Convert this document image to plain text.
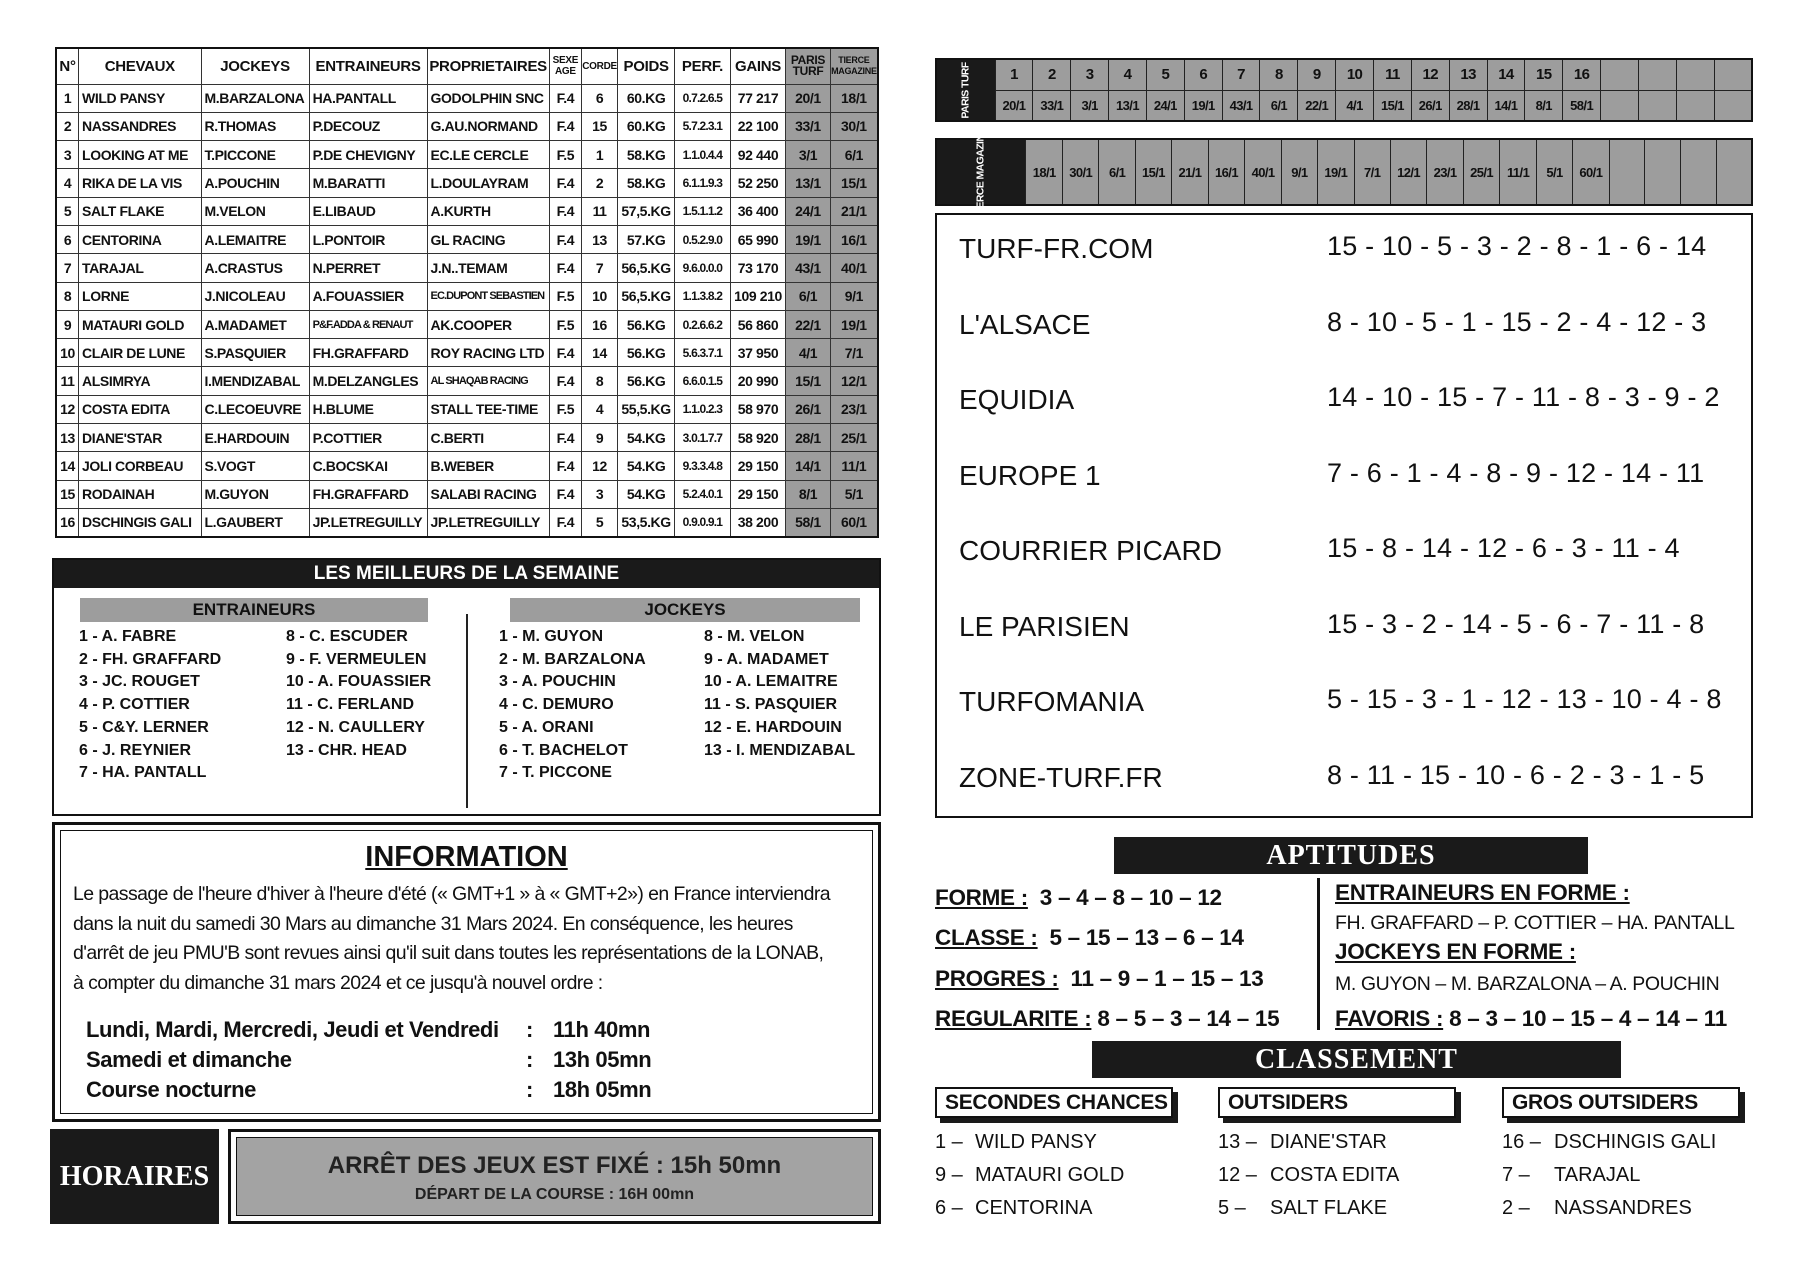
N°	CHEVAUX	JOCKEYS	ENTRAINEURS	PROPRIETAIRES	SEXE AGE	CORDE	POIDS	PERF.	GAINS	PARIS TURF	TIERCE MAGAZINE
1	WILD PANSY	M.BARZALONA	HA.PANTALL	GODOLPHIN SNC	F.4	6	60.KG	0.7.2.6.5	77 217	20/1	18/1
2	NASSANDRES	R.THOMAS	P.DECOUZ	G.AU.NORMAND	F.4	15	60.KG	5.7.2.3.1	22 100	33/1	30/1
3	LOOKING AT ME	T.PICCONE	P.DE CHEVIGNY	EC.LE CERCLE	F.5	1	58.KG	1.1.0.4.4	92 440	3/1	6/1
4	RIKA DE LA VIS	A.POUCHIN	M.BARATTI	L.DOULAYRAM	F.4	2	58.KG	6.1.1.9.3	52 250	13/1	15/1
5	SALT FLAKE	M.VELON	E.LIBAUD	A.KURTH	F.4	11	57,5.KG	1.5.1.1.2	36 400	24/1	21/1
6	CENTORINA	A.LEMAITRE	L.PONTOIR	GL RACING	F.4	13	57.KG	0.5.2.9.0	65 990	19/1	16/1
7	TARAJAL	A.CRASTUS	N.PERRET	J.N..TEMAM	F.4	7	56,5.KG	9.6.0.0.0	73 170	43/1	40/1
8	LORNE	J.NICOLEAU	A.FOUASSIER	EC.DUPONT SEBASTIEN	F.5	10	56,5.KG	1.1.3.8.2	109 210	6/1	9/1
9	MATAURI GOLD	A.MADAMET	P&F.ADDA & RENAUT	AK.COOPER	F.5	16	56.KG	0.2.6.6.2	56 860	22/1	19/1
10	CLAIR DE LUNE	S.PASQUIER	FH.GRAFFARD	ROY RACING LTD	F.4	14	56.KG	5.6.3.7.1	37 950	4/1	7/1
11	ALSIMRYA	I.MENDIZABAL	M.DELZANGLES	AL SHAQAB RACING	F.4	8	56.KG	6.6.0.1.5	20 990	15/1	12/1
12	COSTA EDITA	C.LECOEUVRE	H.BLUME	STALL TEE-TIME	F.5	4	55,5.KG	1.1.0.2.3	58 970	26/1	23/1
13	DIANE'STAR	E.HARDOUIN	P.COTTIER	C.BERTI	F.4	9	54.KG	3.0.1.7.7	58 920	28/1	25/1
14	JOLI CORBEAU	S.VOGT	C.BOCSKAI	B.WEBER	F.4	12	54.KG	9.3.3.4.8	29 150	14/1	11/1
15	RODAINAH	M.GUYON	FH.GRAFFARD	SALABI RACING	F.4	3	54.KG	5.2.4.0.1	29 150	8/1	5/1
16	DSCHINGIS GALI	L.GAUBERT	JP.LETREGUILLY	JP.LETREGUILLY	F.4	5	53,5.KG	0.9.0.9.1	38 200	58/1	60/1
LES MEILLEURS DE LA SEMAINE
ENTRAINEURS	JOCKEYS
1 - A. FABRE
2 - FH. GRAFFARD
3 - JC. ROUGET
4 - P. COTTIER
5 - C&Y. LERNER
6 - J. REYNIER
7 - HA. PANTALL
8 - C. ESCUDER
9 - F. VERMEULEN
10 - A. FOUASSIER
11 - C. FERLAND
12 - N. CAULLERY
13 - CHR. HEAD
1 - M. GUYON
2 - M. BARZALONA
3 - A. POUCHIN
4 - C. DEMURO
5 - A. ORANI
6 - T. BACHELOT
7 - T. PICCONE
8 - M. VELON
9 - A. MADAMET
10 - A. LEMAITRE
11 - S. PASQUIER
12 - E. HARDOUIN
13 - I. MENDIZABAL
INFORMATION
Le passage de l'heure d'hiver à l'heure d'été (« GMT+1 » à « GMT+2») en France interviendra
dans la nuit du samedi 30 Mars au dimanche 31 Mars 2024. En conséquence, les heures
d'arrêt de jeu PMU'B sont revues ainsi qu'il suit dans toutes les représentations de la LONAB,
à compter du dimanche 31 mars 2024 et ce jusqu'à nouvel ordre :
Lundi, Mardi, Mercredi, Jeudi et Vendredi : 11h 40mn
Samedi et dimanche	: 13h 05mn
Course nocturne	: 18h 05mn
HORAIRES	ARRÊT DES JEUX EST FIXÉ : 15h 50mn
DÉPART DE LA COURSE : 16H 00mn
PARIS TURF	1	2	3	4	5	6	7	8	9	10	11	12	13	14	15	16				
	20/1	33/1	3/1	13/1	24/1	19/1	43/1	6/1	22/1	4/1	15/1	26/1	28/1	14/1	8/1	58/1				
TIERCE MAGAZINE	18/1	30/1	6/1	15/1	21/1	16/1	40/1	9/1	19/1	7/1	12/1	23/1	25/1	11/1	5/1	60/1				
TURF-FR.COM	15 - 10 - 5 - 3 - 2 - 8 - 1 - 6 - 14
L'ALSACE	8 - 10 - 5 - 1 - 15 - 2 - 4 - 12 - 3
EQUIDIA	14 - 10 - 15 - 7 - 11 - 8 - 3 - 9 - 2
EUROPE 1	7 - 6 - 1 - 4 - 8 - 9 - 12 - 14 - 11
COURRIER PICARD	15 - 8 - 14 - 12 - 6 - 3 - 11 - 4
LE PARISIEN	15 - 3 - 2 - 14 - 5 - 6 - 7 - 11 - 8
TURFOMANIA	5 - 15 - 3 - 1 - 12 - 13 - 10 - 4 - 8
ZONE-TURF.FR	8 - 11 - 15 - 10 - 6 - 2 - 3 - 1 - 5
APTITUDES
FORME : 3 – 4 – 8 – 10 – 12
CLASSE : 5 – 15 – 13 – 6 – 14
PROGRES : 11 – 9 – 1 – 15 – 13
REGULARITE : 8 – 5 – 3 – 14 – 15
ENTRAINEURS EN FORME :
FH. GRAFFARD – P. COTTIER – HA. PANTALL
JOCKEYS EN FORME :
M. GUYON – M. BARZALONA – A. POUCHIN
FAVORIS : 8 – 3 – 10 – 15 – 4 – 14 – 11
CLASSEMENT
SECONDES CHANCES
1 – WILD PANSY
9 – MATAURI GOLD
6 – CENTORINA
OUTSIDERS
13 – DIANE'STAR
12 – COSTA EDITA
5 – SALT FLAKE
GROS OUTSIDERS
16 – DSCHINGIS GALI
7 – TARAJAL
2 – NASSANDRES
